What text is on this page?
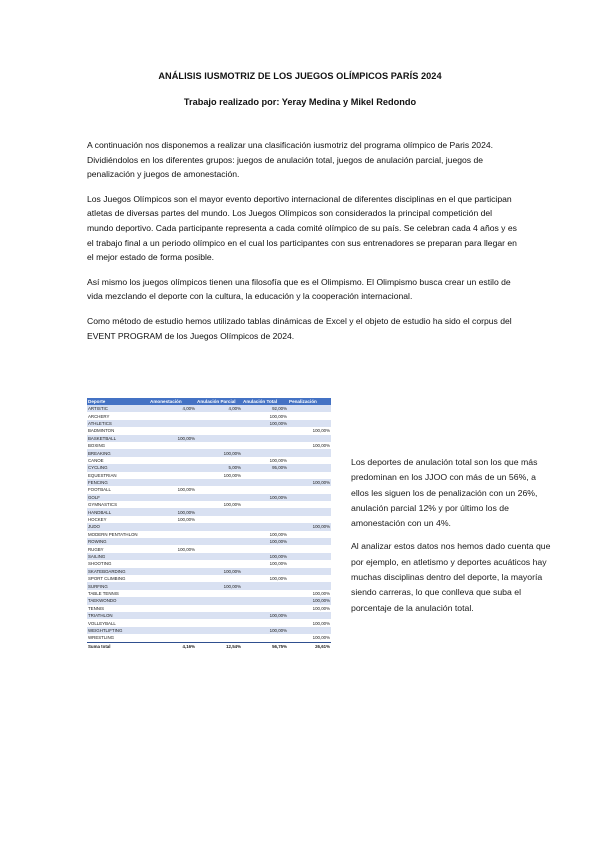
ANÁLISIS IUSMOTRIZ DE LOS JUEGOS OLÍMPICOS PARÍS 2024
Trabajo realizado por: Yeray Medina y Mikel Redondo

A continuación nos disponemos a realizar una clasificación iusmotriz del programa olímpico de Paris 2024. Dividiéndolos en los diferentes grupos: juegos de anulación total, juegos de anulación parcial, juegos de penalización y juegos de amonestación.

Los Juegos Olímpicos son el mayor evento deportivo internacional de diferentes disciplinas en el que participan atletas de diversas partes del mundo. Los Juegos Olímpicos son considerados la principal competición del mundo deportivo. Cada participante representa a cada comité olímpico de su país. Se celebran cada 4 años y es el trabajo final a un periodo olímpico en el cual los participantes con sus entrenadores se preparan para llegar en el mejor estado de forma posible.

Así mismo los juegos olímpicos tienen una filosofía que es el Olimpismo. El Olimpismo busca crear un estilo de vida mezclando el deporte con la cultura, la educación y la cooperación internacional.

Como método de estudio hemos utilizado tablas dinámicas de Excel y el objeto de estudio ha sido el corpus del EVENT PROGRAM de los Juegos Olímpicos de 2024.

Deporte	Amonestación	Anulación Parcial	Anulación Total	Penalización
ARTISTIC	4,00%	4,00%	92,00%	
ARCHERY			100,00%	
ATHLETICS			100,00%	
BADMINTON				100,00%
BASKETBALL	100,00%			
BOXING				100,00%
BREAKING		100,00%		
CANOE			100,00%	
CYCLING		5,00%	95,00%	
EQUESTRIAN		100,00%		
FENCING				100,00%
FOOTBALL	100,00%			
GOLF			100,00%	
GYMNASTICS		100,00%		
HANDBALL	100,00%			
HOCKEY	100,00%			
JUDO				100,00%
MODERN PENTATHLON			100,00%	
ROWING			100,00%	
RUGBY	100,00%			
SAILING			100,00%	
SHOOTING			100,00%	
SKATEBOARDING		100,00%		
SPORT CLIMBING			100,00%	
SURFING		100,00%		
TABLE TENNIS				100,00%
TAEKWONDO				100,00%
TENNIS				100,00%
TRIATHLON			100,00%	
VOLLEYBALL				100,00%
WEIGHTLIFTING			100,00%	
WRESTLING				100,00%
Suma total	4,16%	12,54%	56,75%	26,61%

Los deportes de anulación total son los que más predominan en los JJOO con más de un 56%, a ellos les siguen los de penalización con un 26%, anulación parcial 12% y por último los de amonestación con un 4%.

Al analizar estos datos nos hemos dado cuenta que por ejemplo, en atletismo y deportes acuáticos hay muchas disciplinas dentro del deporte, la mayoría siendo carreras, lo que conlleva que suba el porcentaje de la anulación total.
